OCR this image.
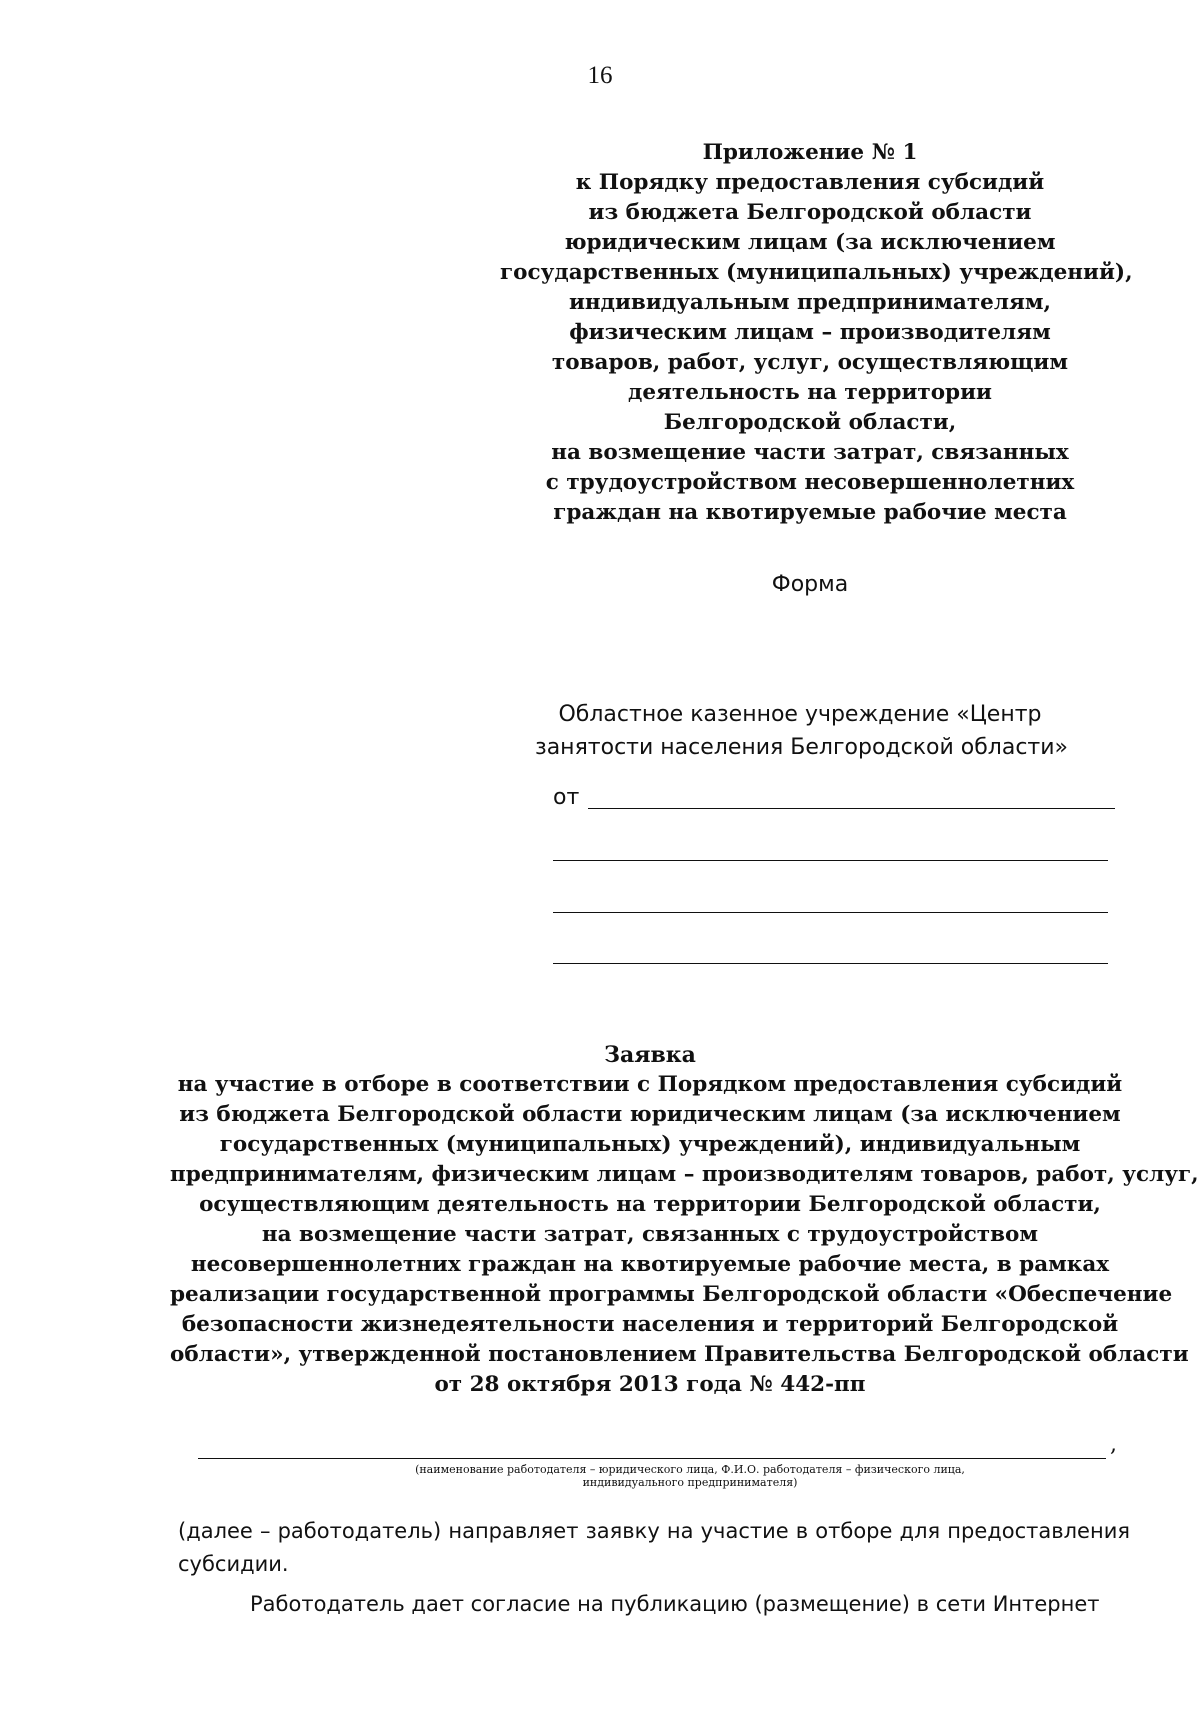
16
Приложение № 1
к Порядку предоставления субсидий
из бюджета Белгородской области
юридическим лицам (за исключением
государственных (муниципальных) учреждений),
индивидуальным предпринимателям,
физическим лицам – производителям
товаров, работ, услуг, осуществляющим
деятельность на территории
Белгородской области,
на возмещение части затрат, связанных
с трудоустройством несовершеннолетних
граждан на квотируемые рабочие места
Форма
Областное казенное учреждение «Центр
занятости населения Белгородской области»
от
Заявка
на участие в отборе в соответствии с Порядком предоставления субсидий
из бюджета Белгородской области юридическим лицам (за исключением
государственных (муниципальных) учреждений), индивидуальным
предпринимателям, физическим лицам – производителям товаров, работ, услуг,
осуществляющим деятельность на территории Белгородской области,
на возмещение части затрат, связанных с трудоустройством
несовершеннолетних граждан на квотируемые рабочие места, в рамках
реализации государственной программы Белгородской области «Обеспечение
безопасности жизнедеятельности населения и территорий Белгородской
области», утвержденной постановлением Правительства Белгородской области
от 28 октября 2013 года № 442-пп
,
(наименование работодателя – юридического лица, Ф.И.О. работодателя – физического лица,
индивидуального предпринимателя)
(далее – работодатель) направляет заявку на участие в отборе для предоставления субсидии.
Работодатель дает согласие на публикацию (размещение) в сети Интернет
